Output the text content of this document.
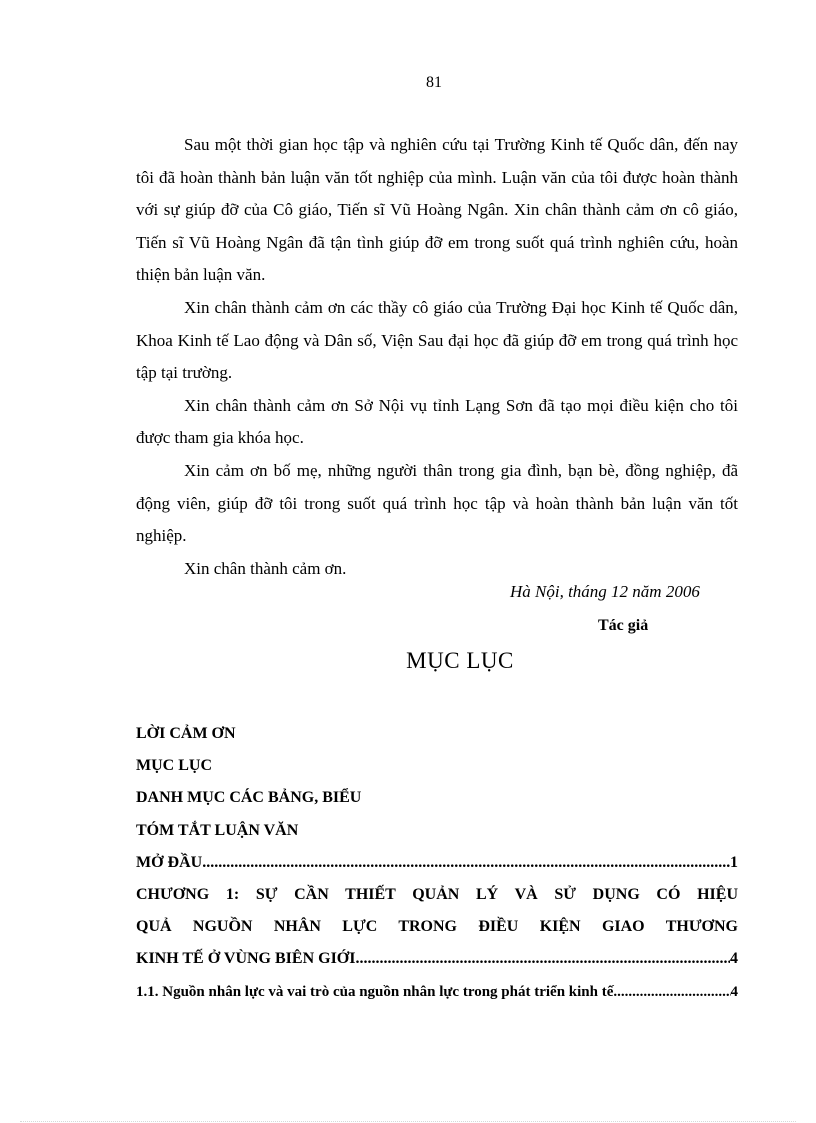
81

Sau một thời gian học tập và nghiên cứu tại Trường Kinh tế Quốc dân, đến nay tôi đã hoàn thành bản luận văn tốt nghiệp của mình. Luận văn của tôi được hoàn thành với sự giúp đỡ của Cô giáo, Tiến sĩ Vũ Hoàng Ngân. Xin chân thành cảm ơn cô giáo, Tiến sĩ Vũ Hoàng Ngân đã tận tình giúp đỡ em trong suốt quá trình nghiên cứu, hoàn thiện bản luận văn.

Xin chân thành cảm ơn các thầy cô giáo của Trường Đại học Kinh tế Quốc dân, Khoa Kinh tế Lao động và Dân số, Viện Sau đại học đã giúp đỡ em trong quá trình học tập tại trường.

Xin chân thành cảm ơn Sở Nội vụ tỉnh Lạng Sơn đã tạo mọi điều kiện cho tôi được tham gia khóa học.

Xin cảm ơn bố mẹ, những người thân trong gia đình, bạn bè, đồng nghiệp, đã động viên, giúp đỡ tôi trong suốt quá trình học tập và hoàn thành bản luận văn tốt nghiệp.

Xin chân thành cảm ơn.

Hà Nội, tháng 12 năm 2006
Tác giả
MỤC LỤC
LỜI CẢM ƠN
MỤC LỤC
DANH MỤC CÁC BẢNG, BIỂU
TÓM TẮT LUẬN VĂN
MỞ ĐẦU .....	1
CHƯƠNG 1: SỰ CẦN THIẾT QUẢN LÝ VÀ SỬ DỤNG CÓ HIỆU
QUẢ NGUỒN NHÂN LỰC TRONG ĐIỀU KIỆN GIAO THƯƠNG
KINH TẾ Ở VÙNG BIÊN GIỚI .....	4
1.1. Nguồn nhân lực và vai trò của nguồn nhân lực trong phát triển kinh tế .....	4
